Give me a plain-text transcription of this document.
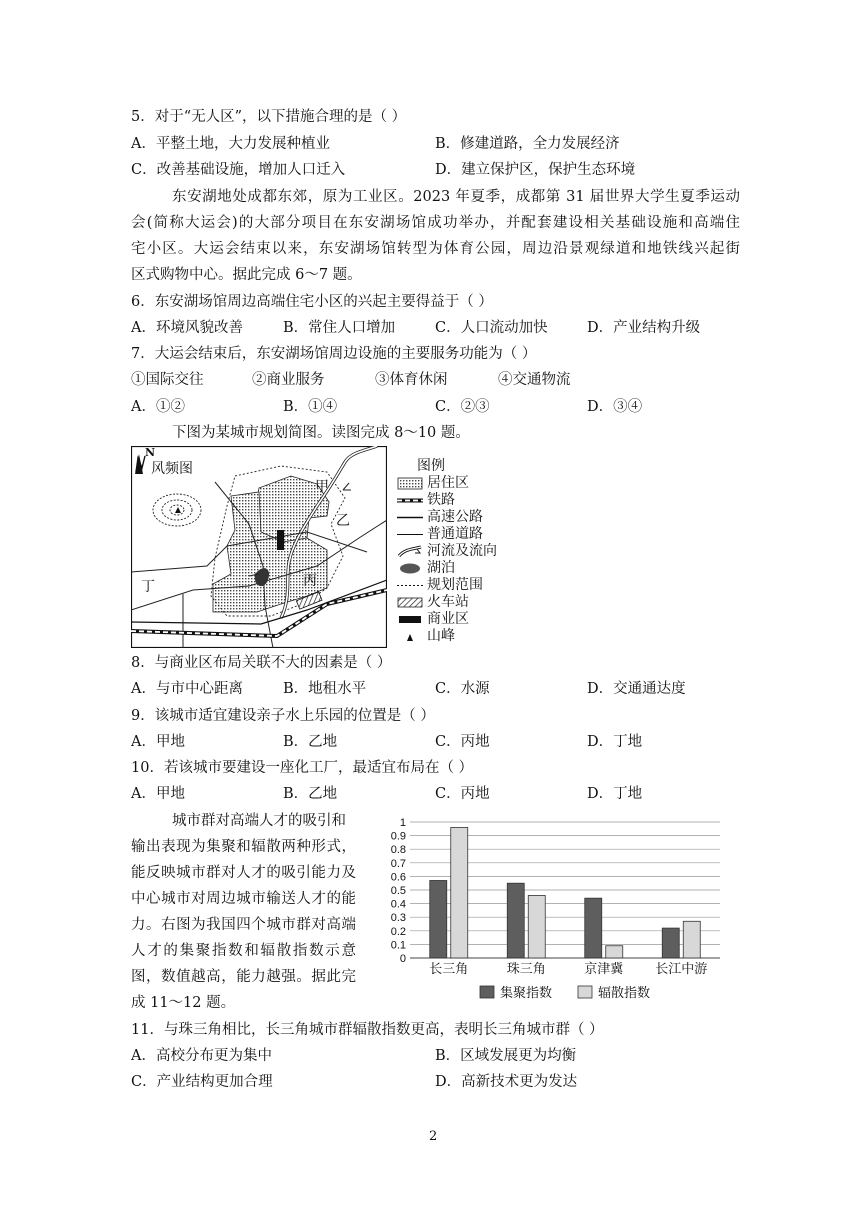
5．对于“无人区”，以下措施合理的是（ ）
A．平整土地，大力发展种植业	B．修建道路，全力发展经济
C．改善基础设施，增加人口迁入	D．建立保护区，保护生态环境
东安湖地处成都东郊，原为工业区。2023 年夏季，成都第 31 届世界大学生夏季运动
会(简称大运会)的大部分项目在东安湖场馆成功举办，并配套建设相关基础设施和高端住
宅小区。大运会结束以来，东安湖场馆转型为体育公园，周边沿景观绿道和地铁线兴起街
区式购物中心。据此完成 6～7 题。
6．东安湖场馆周边高端住宅小区的兴起主要得益于（ ）
A．环境风貌改善	B．常住人口增加	C．人口流动加快	D．产业结构升级
7．大运会结束后，东安湖场馆周边设施的主要服务功能为（ ）
①国际交往	②商业服务	③体育休闲	④交通物流
A．①②	B．①④	C．②③	D．③④
下图为某城市规划简图。读图完成 8～10 题。
N
风频图
甲
乙
丙
丁
图例
居住区
铁路
高速公路
普通道路
河流及流向
湖泊
规划范围
火车站
商业区
山峰
8．与商业区布局关联不大的因素是（ ）
A．与市中心距离	B．地租水平	C．水源	D．交通通达度
9．该城市适宜建设亲子水上乐园的位置是（ ）
A．甲地	B．乙地	C．丙地	D．丁地
10．若该城市要建设一座化工厂，最适宜布局在（ ）
A．甲地	B．乙地	C．丙地	D．丁地
城市群对高端人才的吸引和
输出表现为集聚和辐散两种形式，
能反映城市群对人才的吸引能力及
中心城市对周边城市输送人才的能
力。右图为我国四个城市群对高端
人才的集聚指数和辐散指数示意
图，数值越高，能力越强。据此完
成 11～12 题。
0
0.1
0.2
0.3
0.4
0.5
0.6
0.7
0.8
0.9
1
长三角	珠三角	京津冀 长江中游
集聚指数	辐散指数
11．与珠三角相比，长三角城市群辐散指数更高，表明长三角城市群（ ）
A．高校分布更为集中	B．区域发展更为均衡
C．产业结构更加合理	D．高新技术更为发达
2
